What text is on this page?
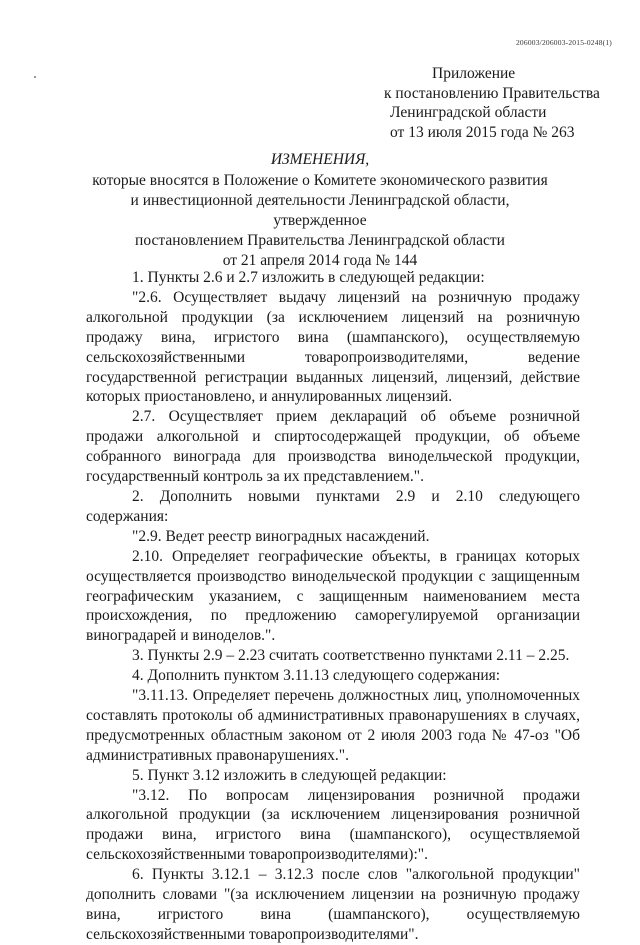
206003/206003-2015-0248(1)
Приложение
к постановлению Правительства
Ленинградской области
от 13 июля 2015 года № 263
ИЗМЕНЕНИЯ,
которые вносятся в Положение о Комитете экономического развития
и инвестиционной деятельности Ленинградской области, утвержденное
постановлением Правительства Ленинградской области
от 21 апреля 2014 года № 144

1. Пункты 2.6 и 2.7 изложить в следующей редакции:

"2.6. Осуществляет выдачу лицензий на розничную продажу алкогольной продукции (за исключением лицензий на розничную продажу вина, игристого вина (шампанского), осуществляемую сельскохозяйственными товаропроизводителями, ведение государственной регистрации выданных лицензий, лицензий, действие которых приостановлено, и аннулированных лицензий.

2.7. Осуществляет прием деклараций об объеме розничной продажи алкогольной и спиртосодержащей продукции, об объеме собранного винограда для производства винодельческой продукции, государственный контроль за их представлением.".

2. Дополнить новыми пунктами 2.9 и 2.10 следующего содержания:

"2.9. Ведет реестр виноградных насаждений.

2.10. Определяет географические объекты, в границах которых осуществляется производство винодельческой продукции с защищенным географическим указанием, с защищенным наименованием места происхождения, по предложению саморегулируемой организации виноградарей и виноделов.".

3. Пункты 2.9 – 2.23 считать соответственно пунктами 2.11 – 2.25.

4. Дополнить пунктом 3.11.13 следующего содержания:

"3.11.13. Определяет перечень должностных лиц, уполномоченных составлять протоколы об административных правонарушениях в случаях, предусмотренных областным законом от 2 июля 2003 года № 47-оз "Об административных правонарушениях.".

5. Пункт 3.12 изложить в следующей редакции:

"3.12. По вопросам лицензирования розничной продажи алкогольной продукции (за исключением лицензирования розничной продажи вина, игристого вина (шампанского), осуществляемой сельскохозяйственными товаропроизводителями):".

6. Пункты 3.12.1 – 3.12.3 после слов "алкогольной продукции" дополнить словами "(за исключением лицензии на розничную продажу вина, игристого вина (шампанского), осуществляемую сельскохозяйственными товаропроизводителями".
